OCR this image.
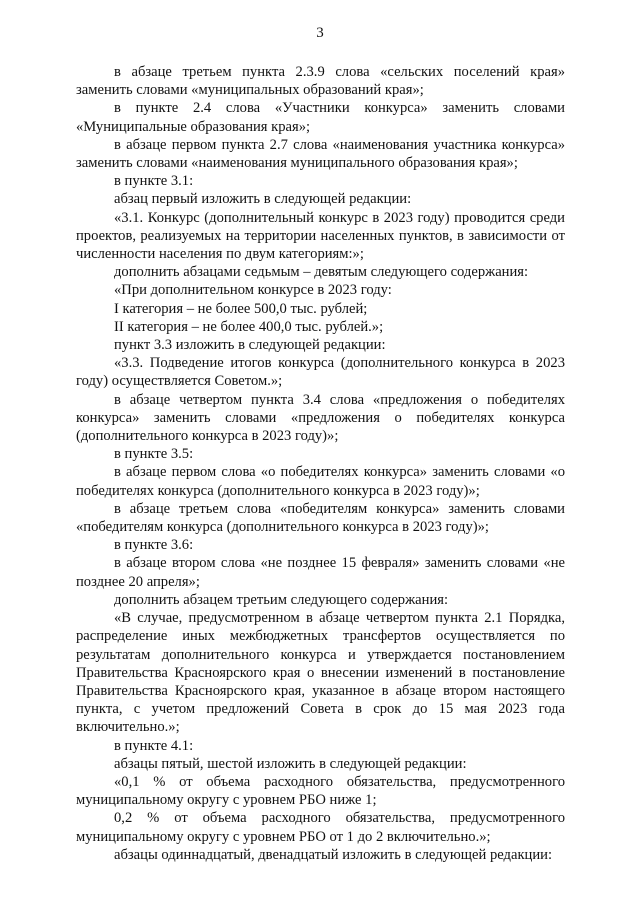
3

в абзаце третьем пункта 2.3.9 слова «сельских поселений края» заменить словами «муниципальных образований края»;

в пункте 2.4 слова «Участники конкурса» заменить словами «Муниципальные образования края»;

в абзаце первом пункта 2.7 слова «наименования участника конкурса» заменить словами «наименования муниципального образования края»;

в пункте 3.1:

абзац первый изложить в следующей редакции:

«3.1. Конкурс (дополнительный конкурс в 2023 году) проводится среди проектов, реализуемых на территории населенных пунктов, в зависимости от численности населения по двум категориям:»;

дополнить абзацами седьмым – девятым следующего содержания:

«При дополнительном конкурсе в 2023 году:

I категория – не более 500,0 тыс. рублей;

II категория – не более 400,0 тыс. рублей.»;

пункт 3.3 изложить в следующей редакции:

«3.3. Подведение итогов конкурса (дополнительного конкурса в 2023 году) осуществляется Советом.»;

в абзаце четвертом пункта 3.4 слова «предложения о победителях конкурса» заменить словами «предложения о победителях конкурса (дополнительного конкурса в 2023 году)»;

в пункте 3.5:

в абзаце первом слова «о победителях конкурса» заменить словами «о победителях конкурса (дополнительного конкурса в 2023 году)»;

в абзаце третьем слова «победителям конкурса» заменить словами «победителям конкурса (дополнительного конкурса в 2023 году)»;

в пункте 3.6:

в абзаце втором слова «не позднее 15 февраля» заменить словами «не позднее 20 апреля»;

дополнить абзацем третьим следующего содержания:

«В случае, предусмотренном в абзаце четвертом пункта 2.1 Порядка, распределение иных межбюджетных трансфертов осуществляется по результатам дополнительного конкурса и утверждается постановлением Правительства Красноярского края о внесении изменений в постановление Правительства Красноярского края, указанное в абзаце втором настоящего пункта, с учетом предложений Совета в срок до 15 мая 2023 года включительно.»;

в пункте 4.1:

абзацы пятый, шестой изложить в следующей редакции:

«0,1 % от объема расходного обязательства, предусмотренного муниципальному округу с уровнем РБО ниже 1;

0,2 % от объема расходного обязательства, предусмотренного муниципальному округу с уровнем РБО от 1 до 2 включительно.»;

абзацы одиннадцатый, двенадцатый изложить в следующей редакции:
